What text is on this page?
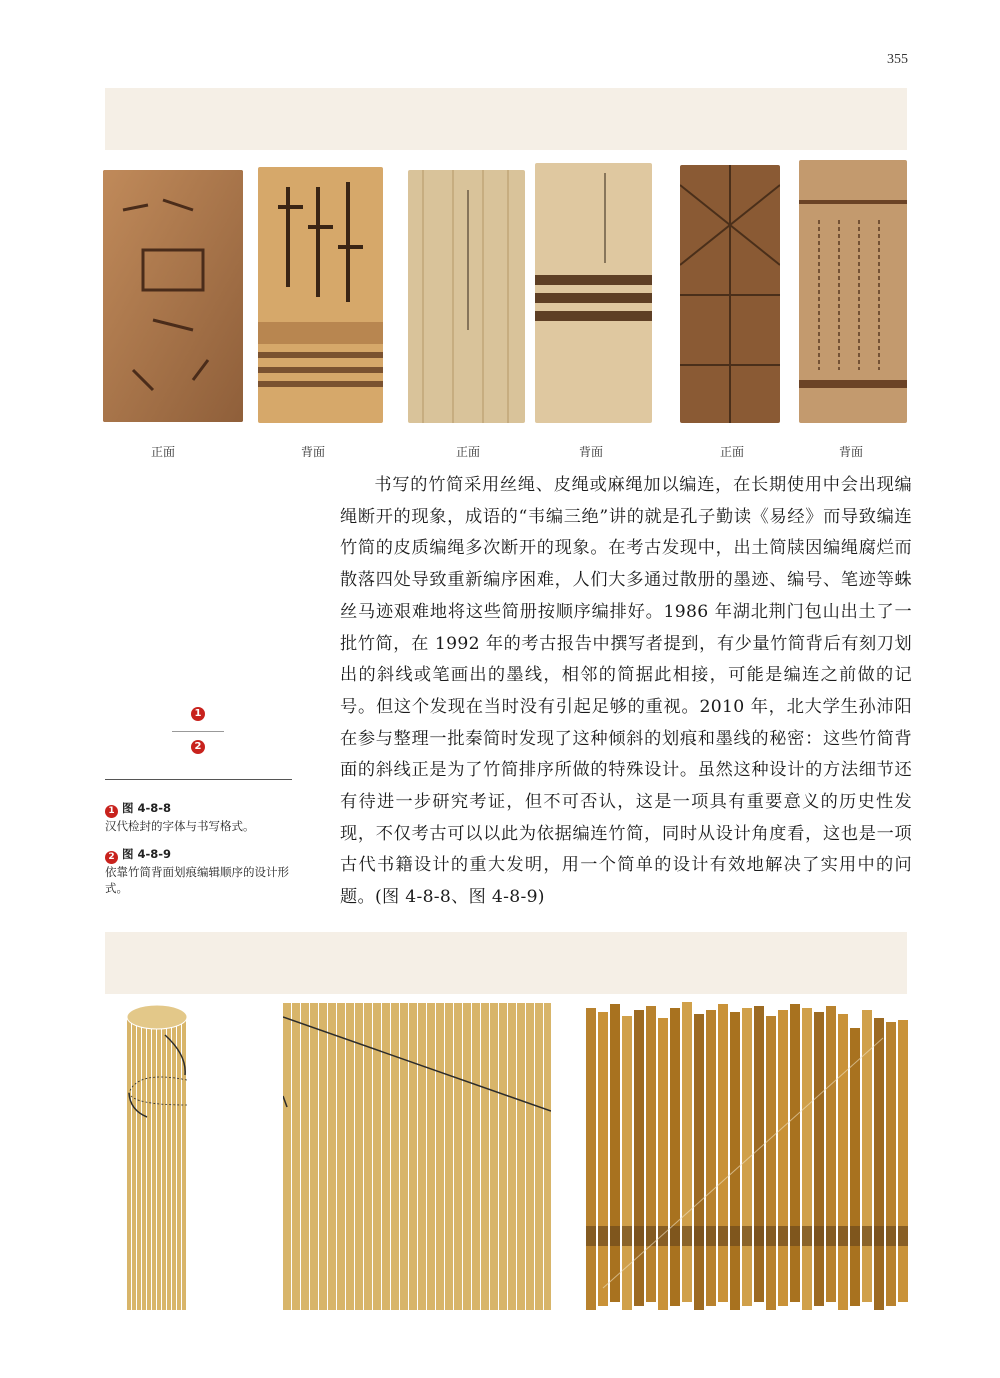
355
正面	背面	正面	背面	正面	背面
书写的竹简采用丝绳、皮绳或麻绳加以编连，在长期使用中会出现编绳断开的现象，成语的“韦编三绝”讲的就是孔子勤读《易经》而导致编连竹简的皮质编绳多次断开的现象。在考古发现中，出土简牍因编绳腐烂而散落四处导致重新编序困难，人们大多通过散册的墨迹、编号、笔迹等蛛丝马迹艰难地将这些简册按顺序编排好。1986 年湖北荆门包山出土了一批竹简，在 1992 年的考古报告中撰写者提到，有少量竹简背后有刻刀划出的斜线或笔画出的墨线，相邻的简据此相接，可能是编连之前做的记号。但这个发现在当时没有引起足够的重视。2010 年，北大学生孙沛阳在参与整理一批秦简时发现了这种倾斜的划痕和墨线的秘密：这些竹简背面的斜线正是为了竹简排序所做的特殊设计。虽然这种设计的方法细节还有待进一步研究考证，但不可否认，这是一项具有重要意义的历史性发现，不仅考古可以以此为依据编连竹简，同时从设计角度看，这也是一项古代书籍设计的重大发明，用一个简单的设计有效地解决了实用中的问题。(图 4-8-8、图 4-8-9)
1
2
1 图 4-8-8
汉代检封的字体与书写格式。
2 图 4-8-9
依靠竹简背面划痕编辑顺序的设计形式。
